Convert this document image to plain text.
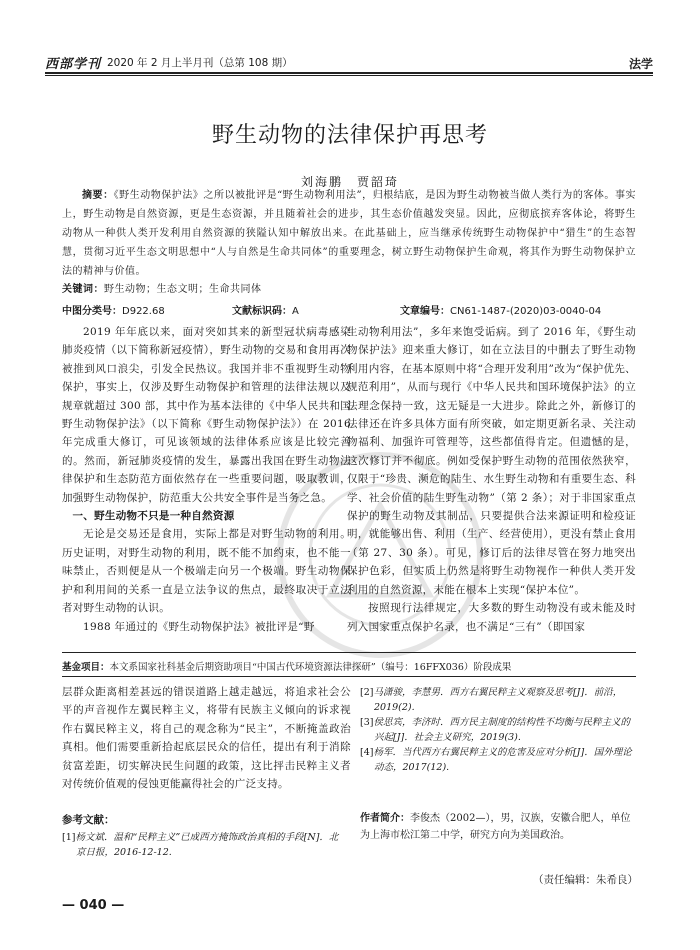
西部学刊 2020 年 2 月上半月刊（总第 108 期）	法学
野生动物的法律保护再思考
刘海鹏　贾韶琦
摘要：《野生动物保护法》之所以被批评是“野生动物利用法”，归根结底，是因为野生动物被当做人类行为的客体。事实上，野生动物是自然资源，更是生态资源，并且随着社会的进步，其生态价值越发突显。因此，应彻底摈弃客体论，将野生动物从一种供人类开发利用自然资源的狭隘认知中解放出来。在此基础上，应当继承传统野生动物保护中“猎生”的生态智慧，贯彻习近平生态文明思想中“人与自然是生命共同体”的重要理念，树立野生动物保护生命观，将其作为野生动物保护立法的精神与价值。
关键词：野生动物；生态文明；生命共同体
中图分类号：D922.68	文献标识码：A	文章编号：CN61-1487-(2020)03-0040-04

2019 年年底以来，面对突如其来的新型冠状病毒感染肺炎疫情（以下简称新冠疫情），野生动物的交易和食用再次被推到风口浪尖，引发全民热议。我国并非不重视野生动物保护，事实上，仅涉及野生动物保护和管理的法律法规以及规章就超过 300 部，其中作为基本法律的《中华人民共和国野生动物保护法》（以下简称《野生动物保护法》）在 2016 年完成重大修订，可见该领域的法律体系应该是比较完善的。然而，新冠肺炎疫情的发生，暴露出我国在野生动物法律保护和生态防范方面依然存在一些重要问题，吸取教训，加强野生动物保护，防范重大公共安全事件是当务之急。

一、野生动物不只是一种自然资源

无论是交易还是食用，实际上都是对野生动物的利用。历史证明，对野生动物的利用，既不能不加约束，也不能一味禁止，否则便是从一个极端走向另一个极端。野生动物保护和利用间的关系一直是立法争议的焦点，最终取决于立法者对野生动物的认识。

1988 年通过的《野生动物保护法》被批评是“野

生动物利用法”，多年来饱受诟病。到了 2016 年，《野生动物保护法》迎来重大修订，如在立法目的中删去了野生动物利用内容，在基本原则中将“合理开发利用”改为“保护优先、规范利用”，从而与现行《中华人民共和国环境保护法》的立法理念保持一致，这无疑是一大进步。除此之外，新修订的法律还在许多具体方面有所突破，如定期更新名录、关注动物福利、加强许可管理等，这些都值得肯定。但遗憾的是，这次修订并不彻底。例如受保护野生动物的范围依然狭窄，仅限于“珍贵、濒危的陆生、水生野生动物和有重要生态、科学、社会价值的陆生野生动物”（第 2 条）；对于非国家重点保护的野生动物及其制品，只要提供合法来源证明和检疫证明，就能够出售、利用（生产、经营使用），更没有禁止食用（第 27、30 条）。可见，修订后的法律尽管在努力地突出保护色彩，但实质上仍然是将野生动物视作一种供人类开发利用的自然资源，未能在根本上实现“保护本位”。

按照现行法律规定，大多数的野生动物没有或未能及时列入国家重点保护名录，也不满足“三有”（即国家

基金项目：本文系国家社科基金后期资助项目“中国古代环境资源法律探研”（编号：16FFX036）阶段成果

层群众距离相差甚远的错误道路上越走越远，将追求社会公平的声音视作左翼民粹主义，将带有民族主义倾向的诉求视作右翼民粹主义，将自己的观念称为“民主”，不断掩盖政治真相。他们需要重新拾起底层民众的信任，提出有利于消除贫富差距，切实解决民生问题的政策，这比抨击民粹主义者对传统价值观的侵蚀更能赢得社会的广泛支持。

参考文献：
[1]杨文斌．温和“民粹主义”已成西方掩饰政治真相的手段[N]．北京日报，2016-12-12.
[2]马潇骏，李慧男．西方右翼民粹主义观察及思考[J]．前沿，2019(2).
[3]侯思宾，李济时．西方民主制度的结构性不均衡与民粹主义的兴起[J]．社会主义研究，2019(3).
[4]杨军．当代西方右翼民粹主义的危害及应对分析[J]．国外理论动态，2017(12).
作者简介：李俊杰（2002—），男，汉族，安徽合肥人，单位为上海市松江第二中学，研究方向为美国政治。
（责任编辑：朱希良）
— 040 —
